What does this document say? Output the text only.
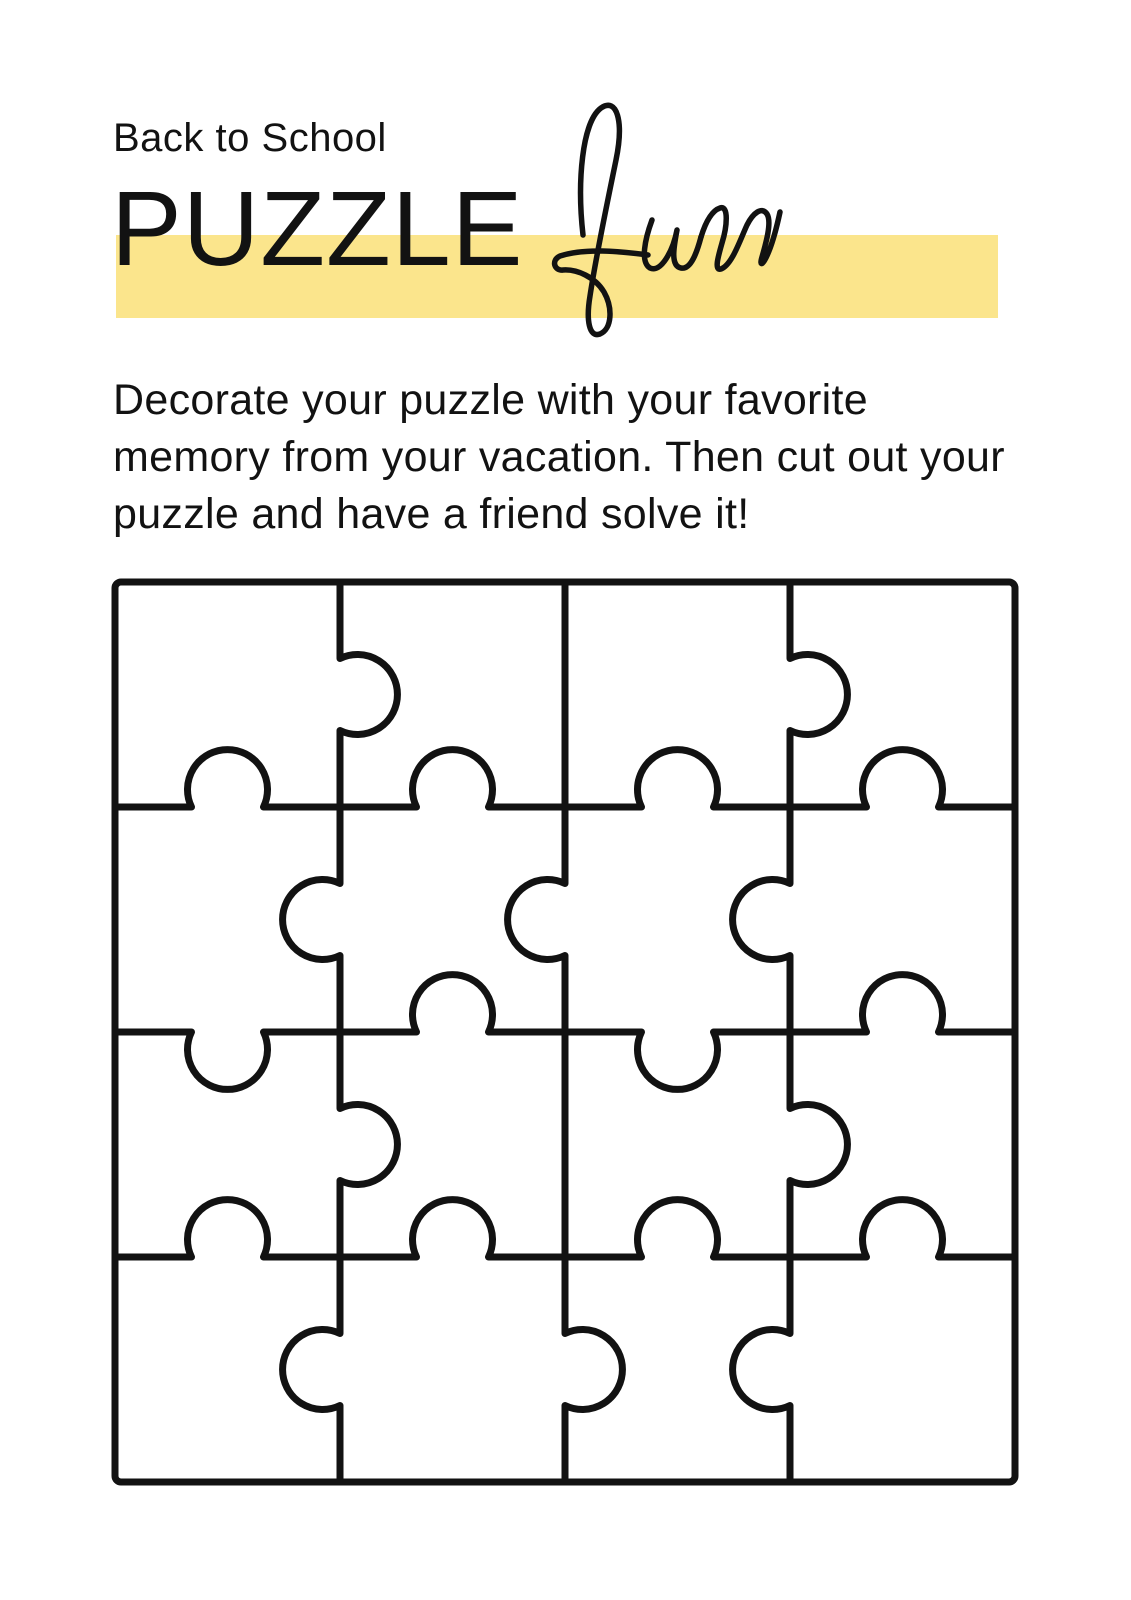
Back to School
PUZZLE
Decorate your puzzle with your favorite
memory from your vacation. Then cut out your
puzzle and have a friend solve it!
